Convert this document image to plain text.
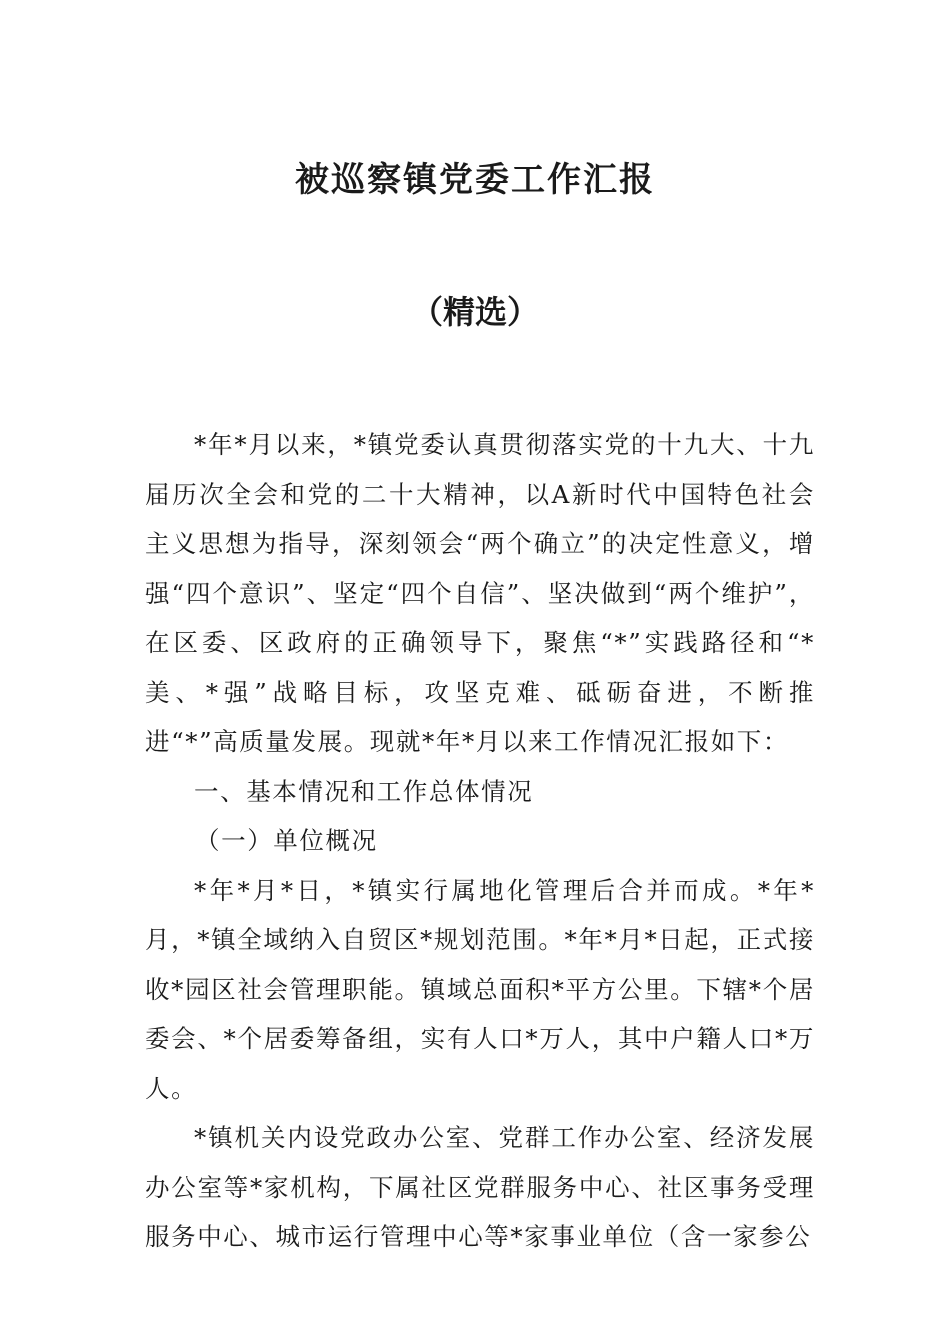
被巡察镇党委工作汇报
（精选）

*年*月以来，*镇党委认真贯彻落实党的十九大、十九届历次全会和党的二十大精神，以A新时代中国特色社会主义思想为指导，深刻领会“两个确立”的决定性意义，增强“四个意识”、坚定“四个自信”、坚决做到“两个维护”，在区委、区政府的正确领导下，聚焦“*”实践路径和“*美、*强”战略目标，攻坚克难、砥砺奋进，不断推进“*”高质量发展。现就*年*月以来工作情况汇报如下：

一、基本情况和工作总体情况

（一）单位概况

*年*月*日，*镇实行属地化管理后合并而成。*年*月，*镇全域纳入自贸区*规划范围。*年*月*日起，正式接收*园区社会管理职能。镇域总面积*平方公里。下辖*个居委会、*个居委筹备组，实有人口*万人，其中户籍人口*万人。

*镇机关内设党政办公室、党群工作办公室、经济发展办公室等*家机构，下属社区党群服务中心、社区事务受理服务中心、城市运行管理中心等*家事业单位（含一家参公
